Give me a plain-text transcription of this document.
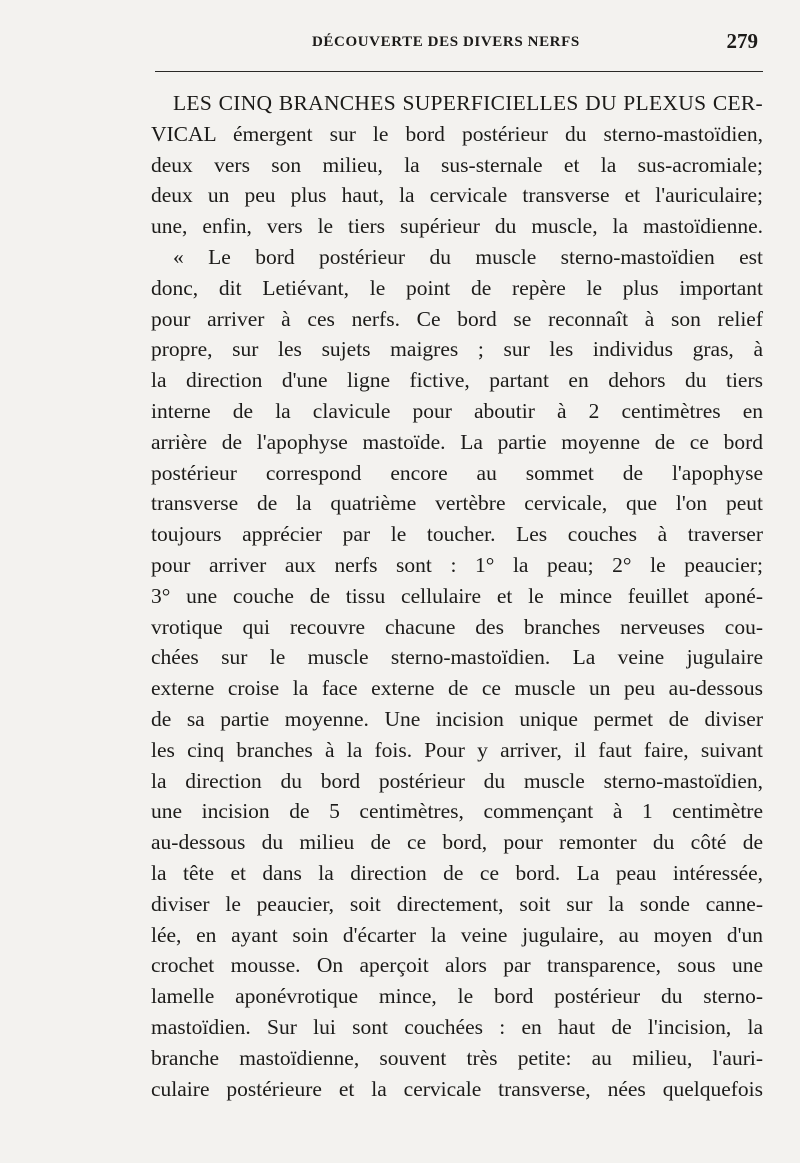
DÉCOUVERTE DES DIVERS NERFS	279
LES CINQ BRANCHES SUPERFICIELLES DU PLEXUS CER-
VICAL émergent sur le bord postérieur du sterno-mastoïdien,
deux vers son milieu, la sus-sternale et la sus-acromiale;
deux un peu plus haut, la cervicale transverse et l'auriculaire;
une, enfin, vers le tiers supérieur du muscle, la mastoïdienne.
« Le bord postérieur du muscle sterno-mastoïdien est
donc, dit Letiévant, le point de repère le plus important
pour arriver à ces nerfs. Ce bord se reconnaît à son relief
propre, sur les sujets maigres ; sur les individus gras, à
la direction d'une ligne fictive, partant en dehors du tiers
interne de la clavicule pour aboutir à 2 centimètres en
arrière de l'apophyse mastoïde. La partie moyenne de ce bord
postérieur correspond encore au sommet de l'apophyse
transverse de la quatrième vertèbre cervicale, que l'on peut
toujours apprécier par le toucher. Les couches à traverser
pour arriver aux nerfs sont : 1° la peau; 2° le peaucier;
3° une couche de tissu cellulaire et le mince feuillet aponé-
vrotique qui recouvre chacune des branches nerveuses cou-
chées sur le muscle sterno-mastoïdien. La veine jugulaire
externe croise la face externe de ce muscle un peu au-dessous
de sa partie moyenne. Une incision unique permet de diviser
les cinq branches à la fois. Pour y arriver, il faut faire, suivant
la direction du bord postérieur du muscle sterno-mastoïdien,
une incision de 5 centimètres, commençant à 1 centimètre
au-dessous du milieu de ce bord, pour remonter du côté de
la tête et dans la direction de ce bord. La peau intéressée,
diviser le peaucier, soit directement, soit sur la sonde canne-
lée, en ayant soin d'écarter la veine jugulaire, au moyen d'un
crochet mousse. On aperçoit alors par transparence, sous une
lamelle aponévrotique mince, le bord postérieur du sterno-
mastoïdien. Sur lui sont couchées : en haut de l'incision, la
branche mastoïdienne, souvent très petite: au milieu, l'auri-
culaire postérieure et la cervicale transverse, nées quelquefois
